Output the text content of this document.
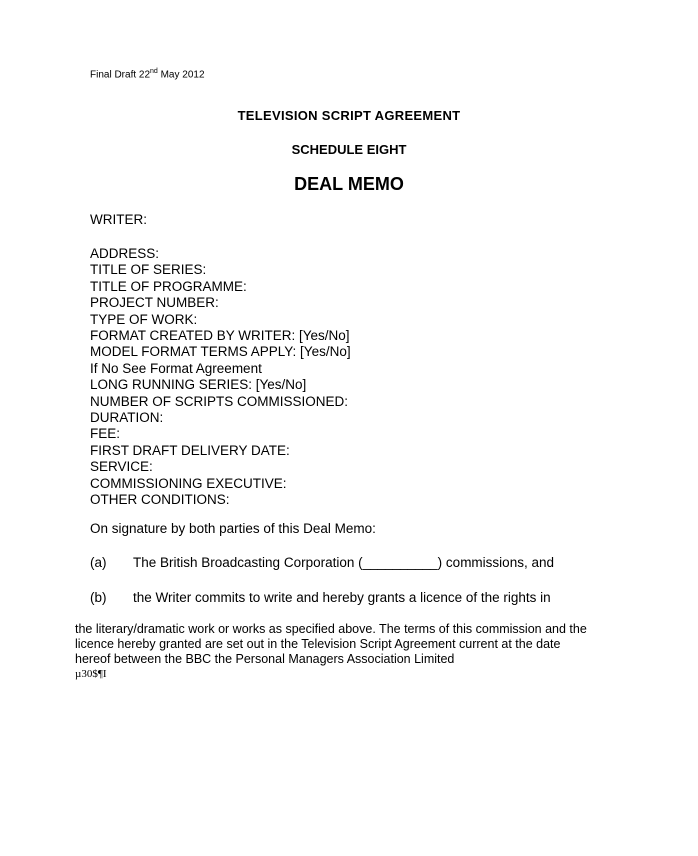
Final Draft 22nd May 2012
TELEVISION SCRIPT AGREEMENT
SCHEDULE EIGHT
DEAL MEMO
WRITER:
ADDRESS:
TITLE OF SERIES:
TITLE OF PROGRAMME:
PROJECT NUMBER:
TYPE OF WORK:
FORMAT CREATED BY WRITER: [Yes/No]
MODEL FORMAT TERMS APPLY: [Yes/No]
If No See Format Agreement
LONG RUNNING SERIES: [Yes/No]
NUMBER OF SCRIPTS COMMISSIONED:
DURATION:
FEE:
FIRST DRAFT DELIVERY DATE:
SERVICE:
COMMISSIONING EXECUTIVE:
OTHER CONDITIONS:
On signature by both parties of this Deal Memo:
(a) The British Broadcasting Corporation (__________) commissions, and
(b) the Writer commits to write and hereby grants a licence of the rights in
the literary/dramatic work or works as specified above. The terms of this commission and the
licence hereby granted are set out in the Television Script Agreement current at the date
hereof between the BBC the Personal Managers Association Limited
µ30$¶I
